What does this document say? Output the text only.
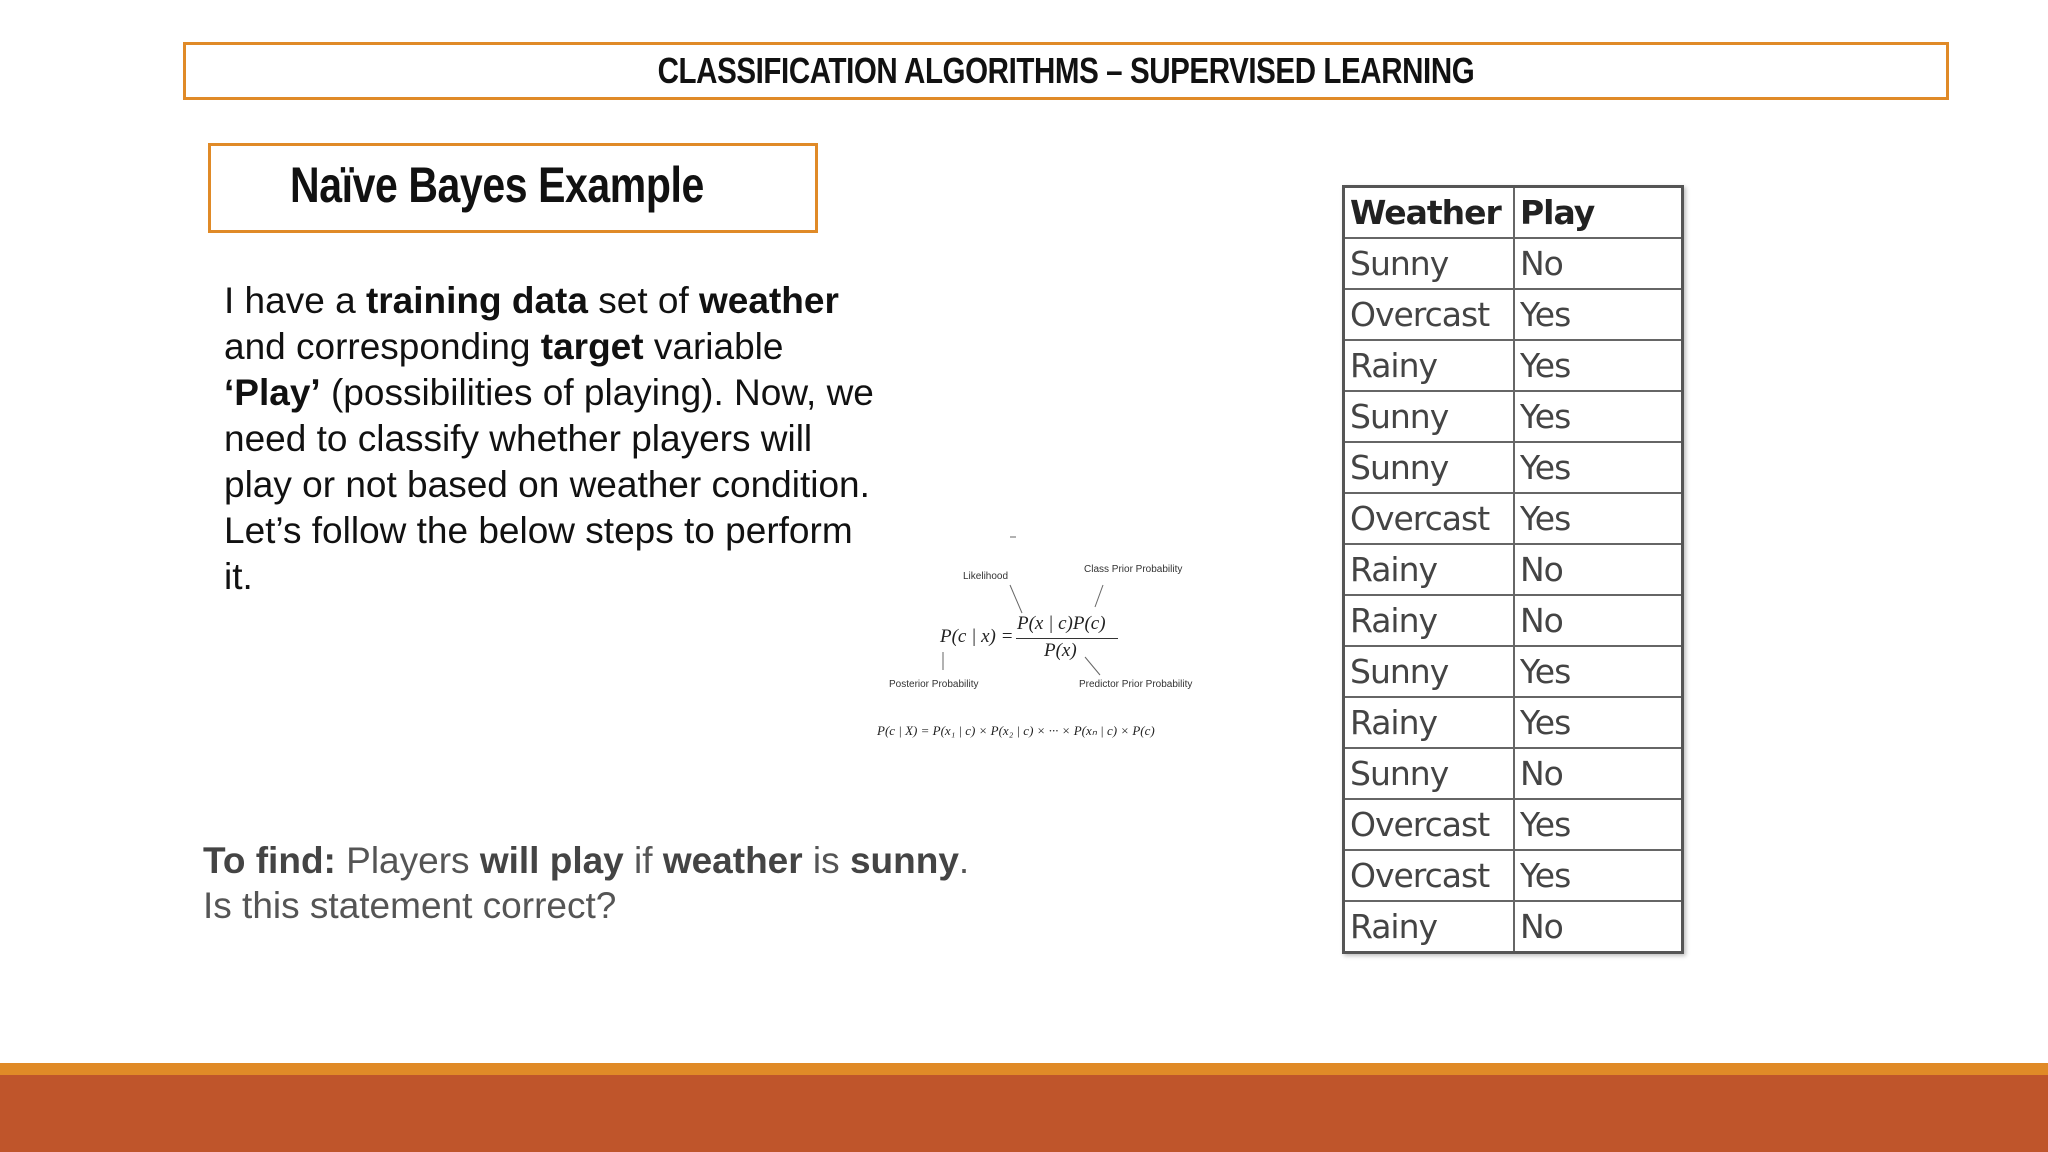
CLASSIFICATION ALGORITHMS – SUPERVISED LEARNING
Naïve Bayes Example
I have a training data set of weather and corresponding target variable ‘Play’ (possibilities of playing). Now, we need to classify whether players will play or not based on weather condition. Let’s follow the below steps to perform it.	Likelihood
Class Prior Probability
P(c | x) =
P(x | c)P(c)
P(x)
Posterior Probability	Predictor Prior Probability
P(c | X) = P(x₁ | c) × P(x₂ | c) × ··· × P(xₙ | c) × P(c)
Weather	Play
Sunny	No
Overcast	Yes
Rainy	Yes
Sunny	Yes
Sunny	Yes
Overcast	Yes
Rainy	No
Rainy	No
Sunny	Yes
Rainy	Yes
Sunny	No
Overcast	Yes
Overcast	Yes
Rainy	No
To find: Players will play if weather is sunny.
Is this statement correct?
